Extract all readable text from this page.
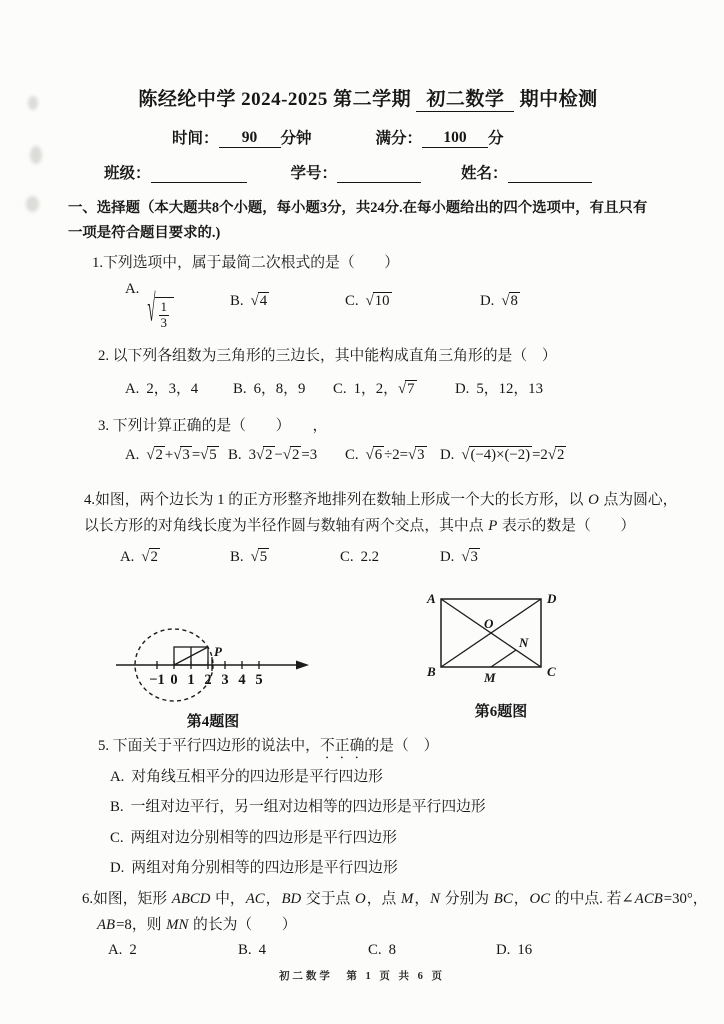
陈经纶中学 2024-2025 第二学期 初二数学 期中检测
时间： 90 分钟	满分： 100 分
班级：	学号：	姓名：
一、选择题（本大题共8个小题，每小题3分，共24分.在每小题给出的四个选项中，有且只有
一项是符合题目要求的.)
1.下列选项中，属于最简二次根式的是（　　）
A.
√ 1
3
B. √ 4	C. √ 10	D. √ 8
2. 以下列各组数为三角形的三边长，其中能构成直角三角形的是（　）
A. 2，3，4 B. 6，8，9 C. 1，2，√ 7	D. 5，12，13
3. 下列计算正确的是（　　）　　，
A. √ 2 +√ 3 =√ 5 B. 3√ 2 −√ 2 =3 C. √ 6 ÷2=√ 3 D. √ (−4)×(−2) =2√ 2
4.如图，两个边长为 1 的正方形整齐地排列在数轴上形成一个大的长方形，以 O 点为圆心，
以长方形的对角线长度为半径作圆与数轴有两个交点，其中点 P 表示的数是（　　）
A. √ 2	B. √ 5	C. 2.2	D. √ 3
−1 0 1 2 3 4 5
P
第4题图
A	D
B	C
O
N
M
第6题图
5. 下面关于平行四边形的说法中，不正确的是（　）
A. 对角线互相平分的四边形是平行四边形
B. 一组对边平行，另一组对边相等的四边形是平行四边形
C. 两组对边分别相等的四边形是平行四边形
D. 两组对角分别相等的四边形是平行四边形
6.如图，矩形 ABCD 中，AC，BD 交于点 O，点 M，N 分别为 BC，OC 的中点. 若∠ACB=30°，
AB=8，则 MN 的长为（　　）
A. 2	B. 4	C. 8	D. 16
初二数学　第 1 页 共 6 页
